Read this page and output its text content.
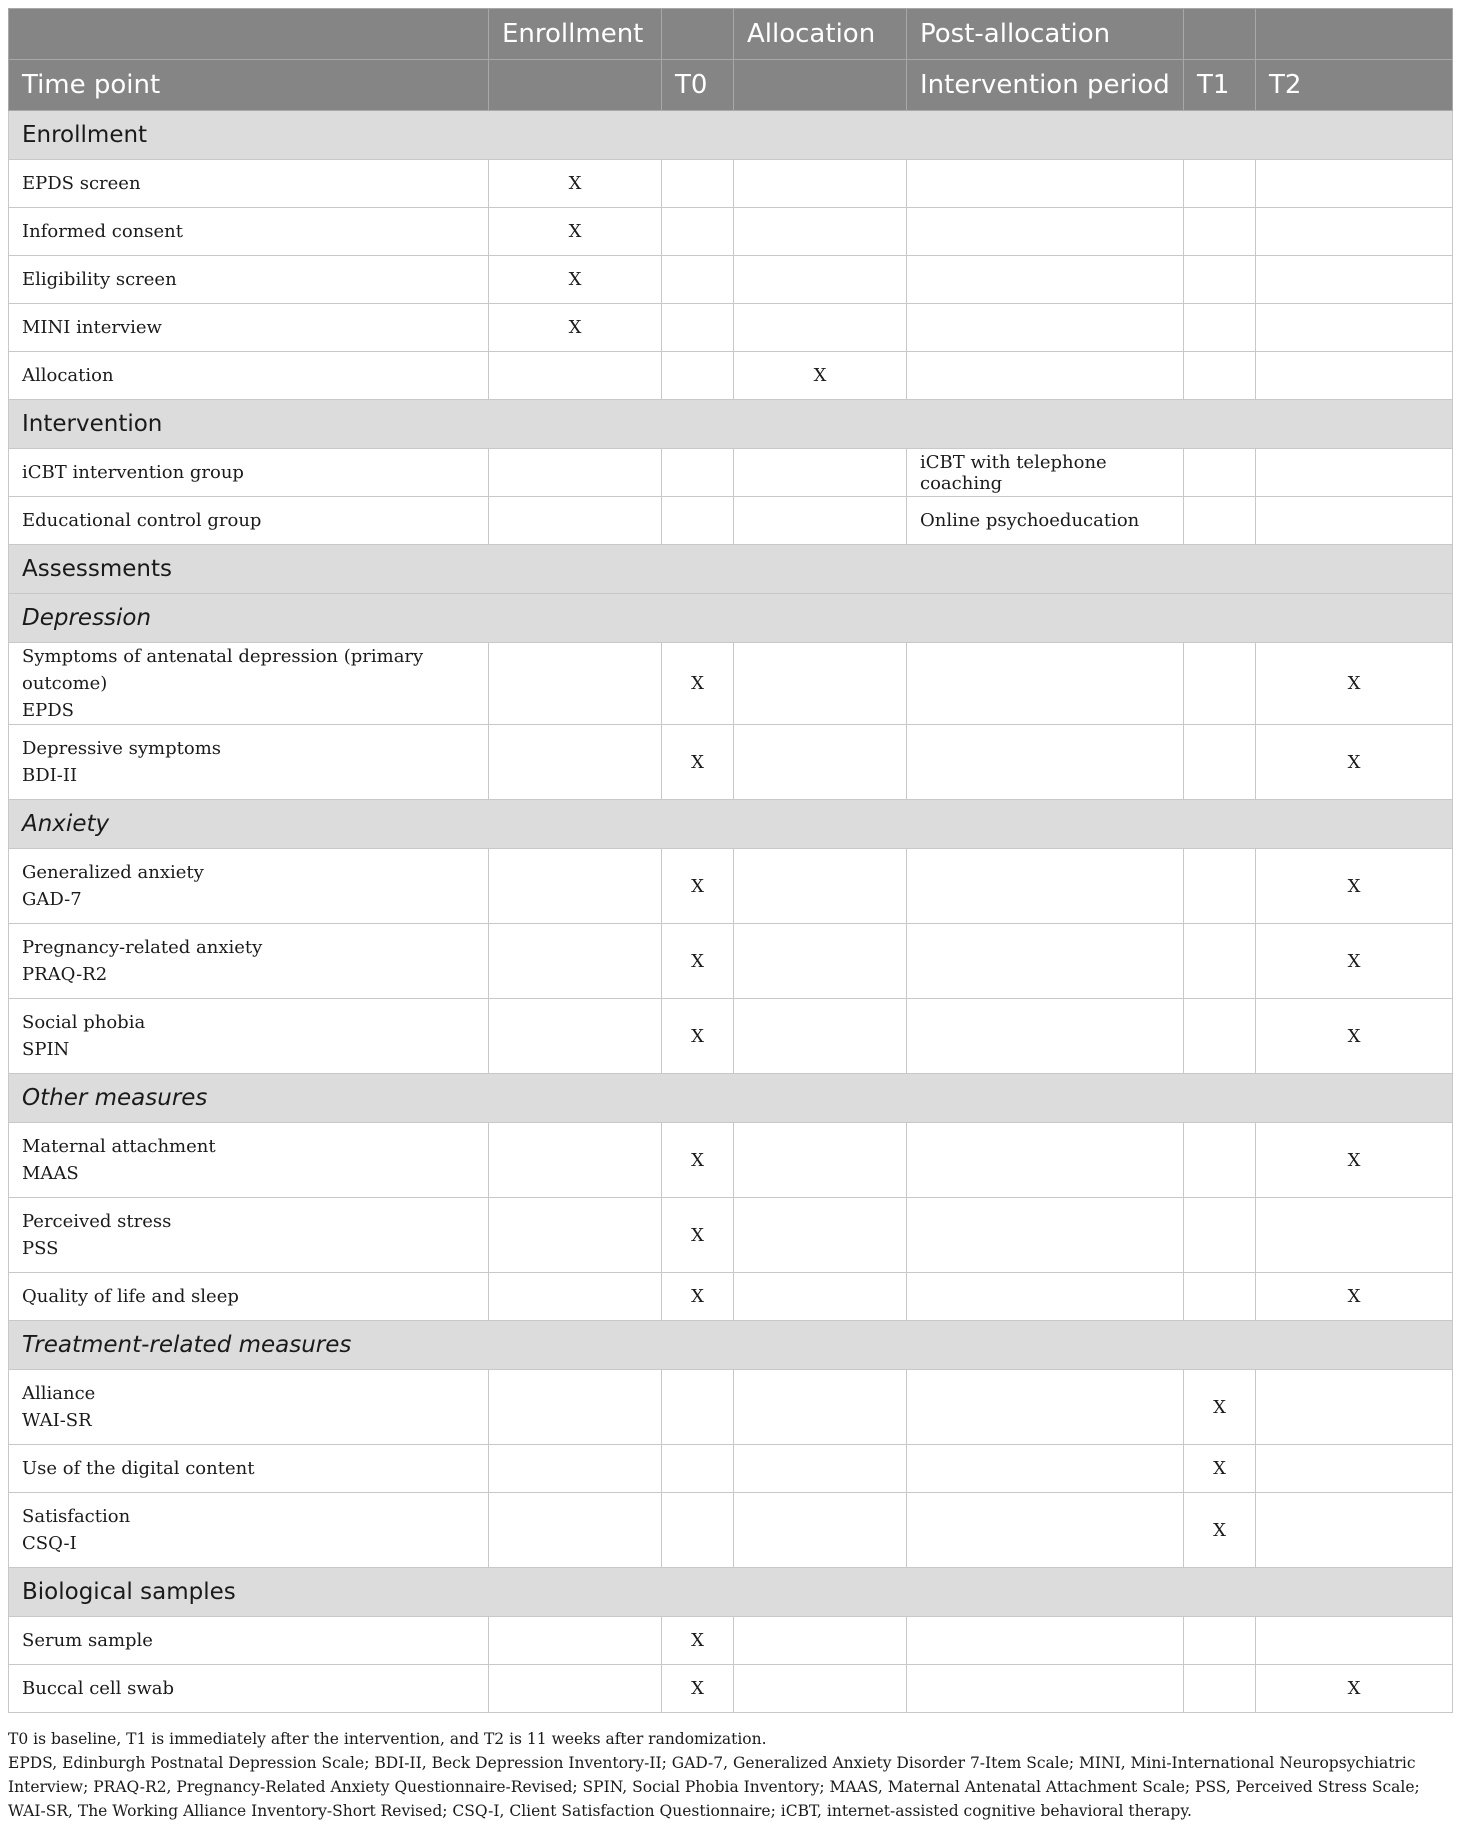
	Enrollment		Allocation	Post-allocation		
Time point		T0		Intervention period	T1	T2
Enrollment						

EPDS screen	X					

Informed consent	X					

Eligibility screen	X					

MINI interview	X					

Allocation			X			
Intervention						

iCBT intervention group				iCBT with telephone coaching		

Educational control group				Online psychoeducation		
Assessments						
Depression						

Symptoms of antenatal depression (primary outcome)
EPDS		X				X

Depressive symptoms
BDI-II		X				X
Anxiety						

Generalized anxiety
GAD-7		X				X

Pregnancy-related anxiety
PRAQ-R2		X				X

Social phobia
SPIN		X				X
Other measures						

Maternal attachment
MAAS		X				X

Perceived stress
PSS		X				

Quality of life and sleep		X				X
Treatment-related measures						

Alliance
WAI-SR					X	

Use of the digital content					X	

Satisfaction
CSQ-I					X	
Biological samples						

Serum sample		X				

Buccal cell swab		X				X
T0 is baseline, T1 is immediately after the intervention, and T2 is 11 weeks after randomization.
EPDS, Edinburgh Postnatal Depression Scale; BDI-II, Beck Depression Inventory-II; GAD-7, Generalized Anxiety Disorder 7-Item Scale; MINI, Mini-International Neuropsychiatric Interview; PRAQ-R2, Pregnancy-Related Anxiety Questionnaire-Revised; SPIN, Social Phobia Inventory; MAAS, Maternal Antenatal Attachment Scale; PSS, Perceived Stress Scale; WAI-SR, The Working Alliance Inventory-Short Revised; CSQ-I, Client Satisfaction Questionnaire; iCBT, internet-assisted cognitive behavioral therapy.
